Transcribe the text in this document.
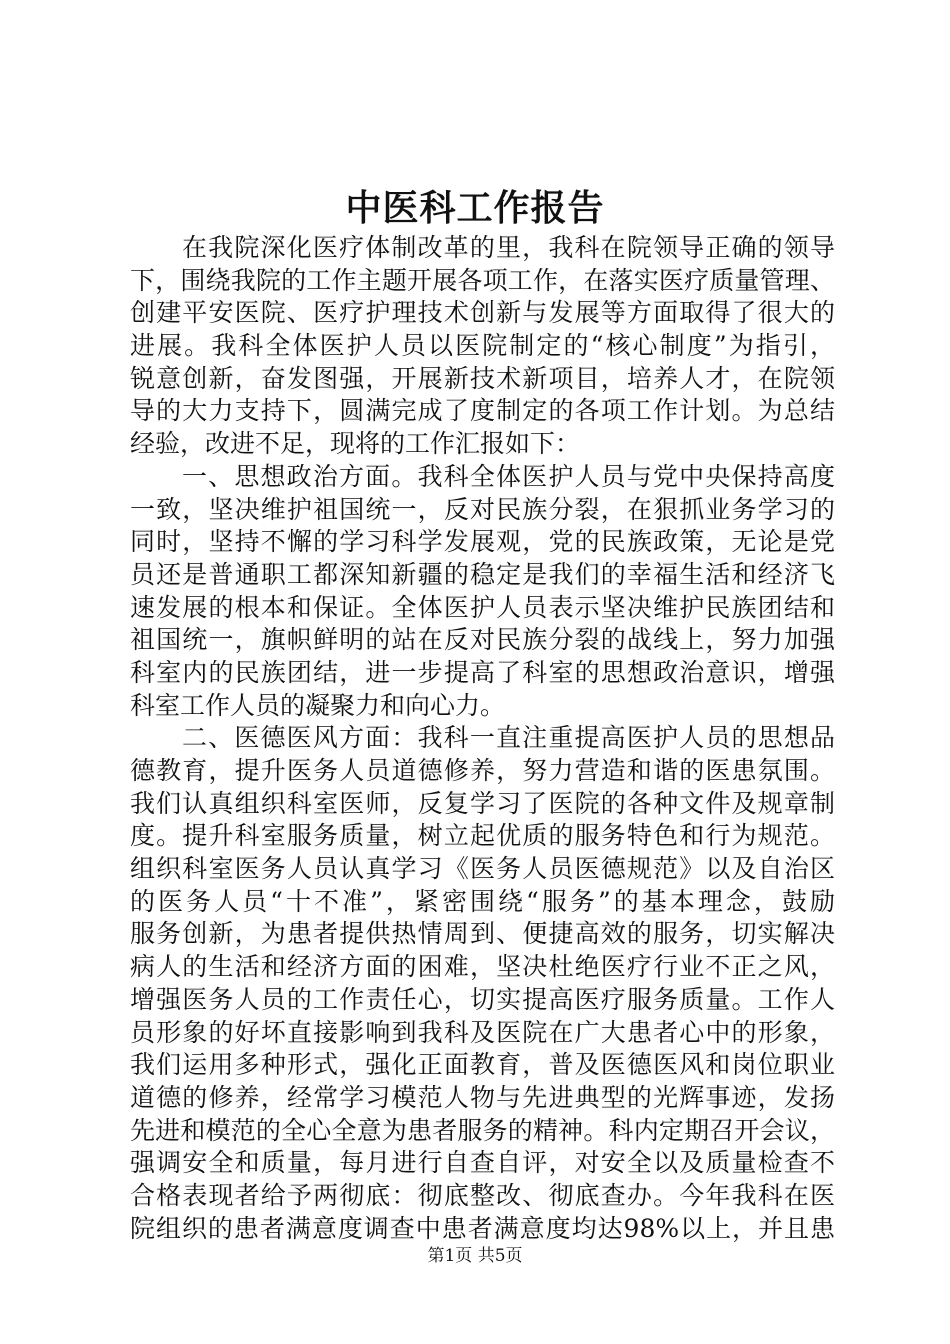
中医科工作报告
在我院深化医疗体制改革的里，我科在院领导正确的领导
下，围绕我院的工作主题开展各项工作，在落实医疗质量管理、
创建平安医院、医疗护理技术创新与发展等方面取得了很大的
进展。我科全体医护人员以医院制定的“核心制度”为指引，
锐意创新，奋发图强，开展新技术新项目，培养人才，在院领
导的大力支持下，圆满完成了度制定的各项工作计划。为总结
经验，改进不足，现将的工作汇报如下：
一、思想政治方面。我科全体医护人员与党中央保持高度
一致，坚决维护祖国统一，反对民族分裂，在狠抓业务学习的
同时，坚持不懈的学习科学发展观，党的民族政策，无论是党
员还是普通职工都深知新疆的稳定是我们的幸福生活和经济飞
速发展的根本和保证。全体医护人员表示坚决维护民族团结和
祖国统一，旗帜鲜明的站在反对民族分裂的战线上，努力加强
科室内的民族团结，进一步提高了科室的思想政治意识，增强
科室工作人员的凝聚力和向心力。
二、医德医风方面：我科一直注重提高医护人员的思想品
德教育，提升医务人员道德修养，努力营造和谐的医患氛围。
我们认真组织科室医师，反复学习了医院的各种文件及规章制
度。提升科室服务质量，树立起优质的服务特色和行为规范。
组织科室医务人员认真学习《医务人员医德规范》以及自治区
的医务人员“十不准”，紧密围绕“服务”的基本理念，鼓励
服务创新，为患者提供热情周到、便捷高效的服务，切实解决
病人的生活和经济方面的困难，坚决杜绝医疗行业不正之风，
增强医务人员的工作责任心，切实提高医疗服务质量。工作人
员形象的好坏直接影响到我科及医院在广大患者心中的形象，
我们运用多种形式，强化正面教育，普及医德医风和岗位职业
道德的修养，经常学习模范人物与先进典型的光辉事迹，发扬
先进和模范的全心全意为患者服务的精神。科内定期召开会议，
强调安全和质量，每月进行自查自评，对安全以及质量检查不
合格表现者给予两彻底：彻底整改、彻底查办。今年我科在医
院组织的患者满意度调查中患者满意度均达98%以上，并且患
第1页 共5页
